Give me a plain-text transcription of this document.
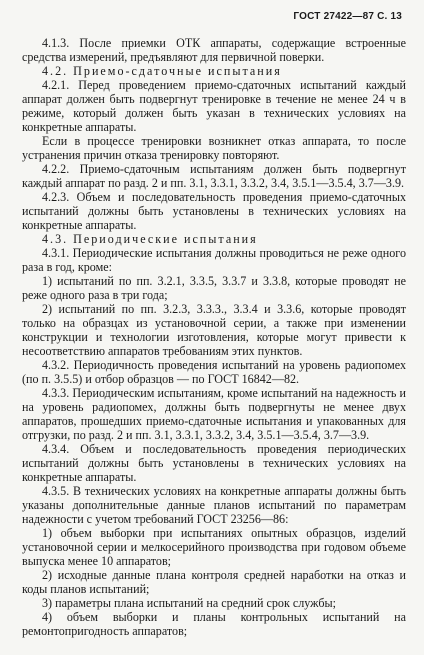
ГОСТ 27422—87 С. 13

4.1.3. После приемки ОТК аппараты, содержащие встроенные средства измерений, предъявляют для первичной поверки.

4.2. Приемо-сдаточные испытания

4.2.1. Перед проведением приемо-сдаточных испытаний каждый аппарат должен быть подвергнут тренировке в течение не менее 24 ч в режиме, который должен быть указан в технических условиях на конкретные аппараты.

Если в процессе тренировки возникнет отказ аппарата, то после устранения причин отказа тренировку повторяют.

4.2.2. Приемо-сдаточным испытаниям должен быть подвергнут каждый аппарат по разд. 2 и пп. 3.1, 3.3.1, 3.3.2, 3.4, 3.5.1—3.5.4, 3.7—3.9.

4.2.3. Объем и последовательность проведения приемо-сдаточных испытаний должны быть установлены в технических условиях на конкретные аппараты.

4.3. Периодические испытания

4.3.1. Периодические испытания должны проводиться не реже одного раза в год, кроме:

1) испытаний по пп. 3.2.1, 3.3.5, 3.3.7 и 3.3.8, которые проводят не реже одного раза в три года;

2) испытаний по пп. 3.2.3, 3.3.3., 3.3.4 и 3.3.6, которые проводят только на образцах из установочной серии, а также при изменении конструкции и технологии изготовления, которые могут привести к несоответствию аппаратов требованиям этих пунктов.

4.3.2. Периодичность проведения испытаний на уровень радиопомех (по п. 3.5.5) и отбор образцов — по ГОСТ 16842—82.

4.3.3. Периодическим испытаниям, кроме испытаний на надежность и на уровень радиопомех, должны быть подвергнуты не менее двух аппаратов, прошедших приемо-сдаточные испытания и упакованных для отгрузки, по разд. 2 и пп. 3.1, 3.3.1, 3.3.2, 3.4, 3.5.1—3.5.4, 3.7—3.9.

4.3.4. Объем и последовательность проведения периодических испытаний должны быть установлены в технических условиях на конкретные аппараты.

4.3.5. В технических условиях на конкретные аппараты должны быть указаны дополнительные данные планов испытаний по параметрам надежности с учетом требований ГОСТ 23256—86:

1) объем выборки при испытаниях опытных образцов, изделий установочной серии и мелкосерийного производства при годовом объеме выпуска менее 10 аппаратов;

2) исходные данные плана контроля средней наработки на отказ и коды планов испытаний;

3) параметры плана испытаний на средний срок службы;

4) объем выборки и планы контрольных испытаний на ремонтопригодность аппаратов;
